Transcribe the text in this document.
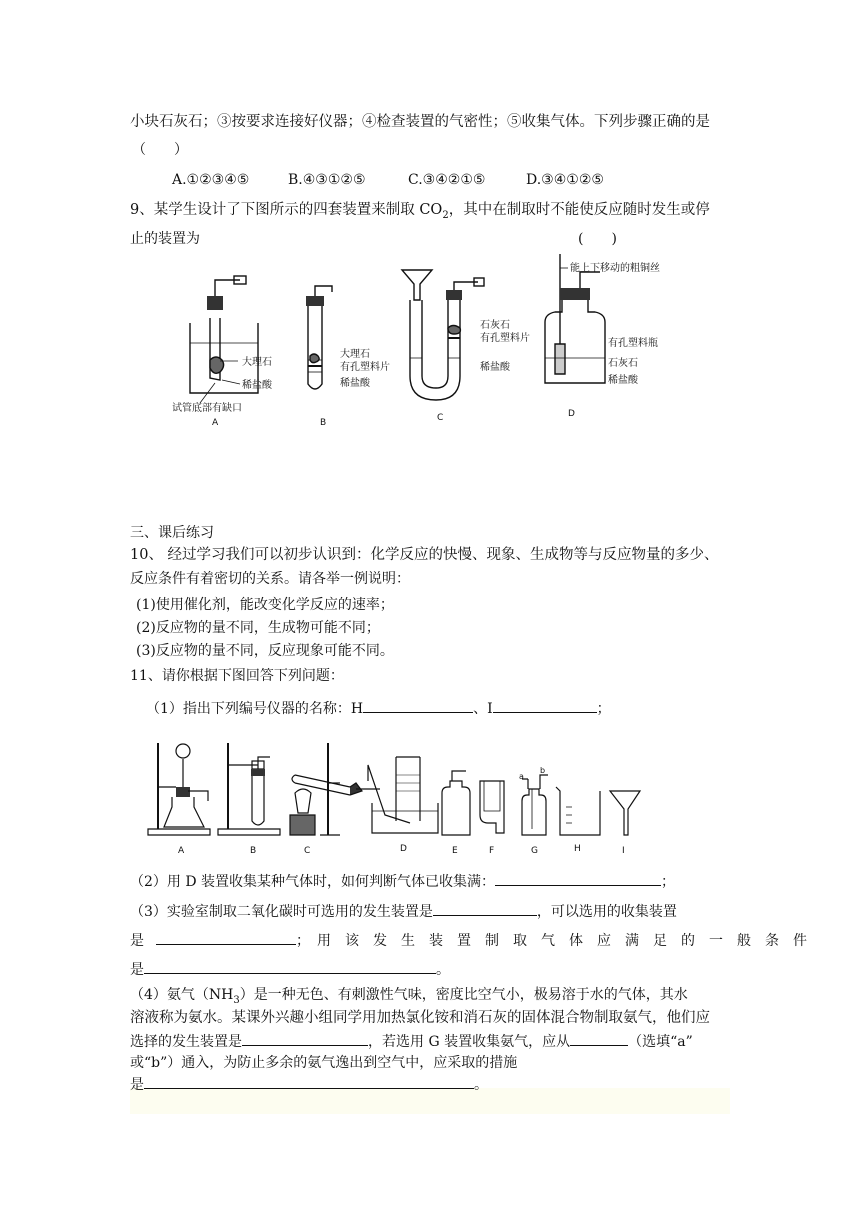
小块石灰石；③按要求连接好仪器；④检查装置的气密性；⑤收集气体。下列步骤正确的是
（　　）
A.①②③④⑤	B.④③①②⑤	C.③④②①⑤	D.③④①②⑤
9、某学生设计了下图所示的四套装置来制取 $CO_2$，其中在制取时不能使反应随时发生或停
止的装置为	(　　)
大理石
稀盐酸
试管底部有缺口
A
大理石
有孔塑料片
稀盐酸
B
石灰石
有孔塑料片
稀盐酸
C
能上下移动的粗铜丝
有孔塑料瓶
石灰石
稀盐酸
D
三、课后练习
10、 经过学习我们可以初步认识到：化学反应的快慢、现象、生成物等与反应物量的多少、
反应条件有着密切的关系。请各举一例说明：
(1)使用催化剂，能改变化学反应的速率；
(2)反应物的量不同，生成物可能不同；
(3)反应物的量不同，反应现象可能不同。
11、请你根据下图回答下列问题：
（1）指出下列编号仪器的名称：H	、I	；
A	B	C	D	E	F
a
b
G	H	I
（2）用 D 装置收集某种气体时，如何判断气体已收集满：	；
（3）实验室制取二氧化碳时可选用的发生装置是	，可以选用的收集装置
是	；　用　该　发　生　装　置　制　取　气　体　应　满　足　的　一　般　条　件
是	。
（4）氨气$(NH_3)$是一种无色、有刺激性气味，密度比空气小，极易溶于水的气体，其水
溶液称为氨水。某课外兴趣小组同学用加热氯化铵和消石灰的固体混合物制取氨气，他们应
选择的发生装置是	，若选用 G 装置收集氨气，应从	（选填“a”
或“b”）通入，为防止多余的氨气逸出到空气中，应采取的措施
是	。
